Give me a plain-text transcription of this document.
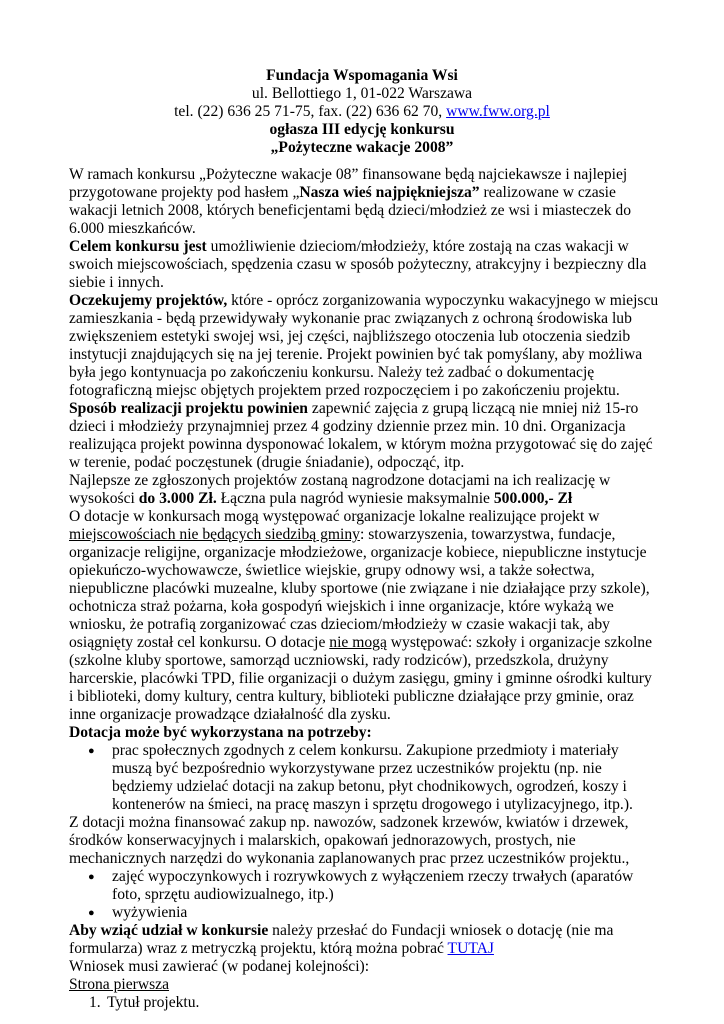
Fundacja Wspomagania Wsi
ul. Bellottiego 1, 01-022 Warszawa
tel. (22) 636 25 71-75, fax. (22) 636 62 70, www.fww.org.pl
ogłasza III edycję konkursu
„Pożyteczne wakacje 2008”

W ramach konkursu „Pożyteczne wakacje 08” finansowane będą najciekawsze i najlepiej przygotowane projekty pod hasłem „Nasza wieś najpiękniejsza” realizowane w czasie wakacji letnich 2008, których beneficjentami będą dzieci/młodzież ze wsi i miasteczek do 6.000 mieszkańców.

Celem konkursu jest umożliwienie dzieciom/młodzieży, które zostają na czas wakacji w swoich miejscowościach, spędzenia czasu w sposób pożyteczny, atrakcyjny i bezpieczny dla siebie i innych.

Oczekujemy projektów, które - oprócz zorganizowania wypoczynku wakacyjnego w miejscu zamieszkania - będą przewidywały wykonanie prac związanych z ochroną środowiska lub zwiększeniem estetyki swojej wsi, jej części, najbliższego otoczenia lub otoczenia siedzib instytucji znajdujących się na jej terenie. Projekt powinien być tak pomyślany, aby możliwa była jego kontynuacja po zakończeniu konkursu. Należy też zadbać o dokumentację fotograficzną miejsc objętych projektem przed rozpoczęciem i po zakończeniu projektu.

Sposób realizacji projektu powinien zapewnić zajęcia z grupą liczącą nie mniej niż 15-ro dzieci i młodzieży przynajmniej przez 4 godziny dziennie przez min. 10 dni. Organizacja realizująca projekt powinna dysponować lokalem, w którym można przygotować się do zajęć w terenie, podać poczęstunek (drugie śniadanie), odpocząć, itp.

Najlepsze ze zgłoszonych projektów zostaną nagrodzone dotacjami na ich realizację w wysokości do 3.000 Zł. Łączna pula nagród wyniesie maksymalnie 500.000,- Zł

O dotacje w konkursach mogą występować organizacje lokalne realizujące projekt w miejscowościach nie będących siedzibą gminy: stowarzyszenia, towarzystwa, fundacje, organizacje religijne, organizacje młodzieżowe, organizacje kobiece, niepubliczne instytucje opiekuńczo-wychowawcze, świetlice wiejskie, grupy odnowy wsi, a także sołectwa, niepubliczne placówki muzealne, kluby sportowe (nie związane i nie działające przy szkole), ochotnicza straż pożarna, koła gospodyń wiejskich i inne organizacje, które wykażą we wniosku, że potrafią zorganizować czas dzieciom/młodzieży w czasie wakacji tak, aby osiągnięty został cel konkursu. O dotacje nie mogą występować: szkoły i organizacje szkolne (szkolne kluby sportowe, samorząd uczniowski, rady rodziców), przedszkola, drużyny harcerskie, placówki TPD, filie organizacji o dużym zasięgu, gminy i gminne ośrodki kultury i biblioteki, domy kultury, centra kultury, biblioteki publiczne działające przy gminie, oraz inne organizacje prowadzące działalność dla zysku.

Dotacja może być wykorzystana na potrzeby:

● prac społecznych zgodnych z celem konkursu. Zakupione przedmioty i materiały muszą być bezpośrednio wykorzystywane przez uczestników projektu (np. nie będziemy udzielać dotacji na zakup betonu, płyt chodnikowych, ogrodzeń, koszy i kontenerów na śmieci, na pracę maszyn i sprzętu drogowego i utylizacyjnego, itp.).

Z dotacji można finansować zakup np. nawozów, sadzonek krzewów, kwiatów i drzewek, środków konserwacyjnych i malarskich, opakowań jednorazowych, prostych, nie mechanicznych narzędzi do wykonania zaplanowanych prac przez uczestników projektu.,

● zajęć wypoczynkowych i rozrywkowych z wyłączeniem rzeczy trwałych (aparatów foto, sprzętu audiowizualnego, itp.)
● wyżywienia

Aby wziąć udział w konkursie należy przesłać do Fundacji wniosek o dotację (nie ma formularza) wraz z metryczką projektu, którą można pobrać TUTAJ

Wniosek musi zawierać (w podanej kolejności):

Strona pierwsza

1. Tytuł projektu.
